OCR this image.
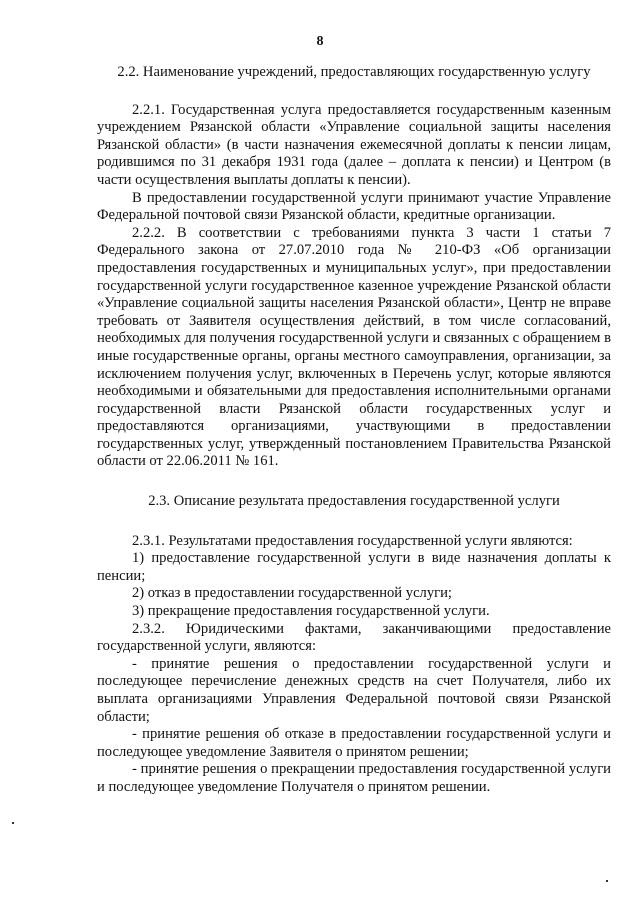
8
2.2. Наименование учреждений, предоставляющих государственную услугу

2.2.1. Государственная услуга предоставляется государственным казенным учреждением Рязанской области «Управление социальной защиты населения Рязанской области» (в части назначения ежемесячной доплаты к пенсии лицам, родившимся по 31 декабря 1931 года (далее – доплата к пенсии) и Центром (в части осуществления выплаты доплаты к пенсии).

В предоставлении государственной услуги принимают участие Управление Федеральной почтовой связи Рязанской области, кредитные организации.

2.2.2. В соответствии с требованиями пункта 3 части 1 статьи 7 Федерального закона от 27.07.2010 года № 210-ФЗ «Об организации предоставления государственных и муниципальных услуг», при предоставлении государственной услуги государственное казенное учреждение Рязанской области «Управление социальной защиты населения Рязанской области», Центр не вправе требовать от Заявителя осуществления действий, в том числе согласований, необходимых для получения государственной услуги и связанных с обращением в иные государственные органы, органы местного самоуправления, организации, за исключением получения услуг, включенных в Перечень услуг, которые являются необходимыми и обязательными для предоставления исполнительными органами государственной власти Рязанской области государственных услуг и предоставляются организациями, участвующими в предоставлении государственных услуг, утвержденный постановлением Правительства Рязанской области от 22.06.2011 № 161.

2.3. Описание результата предоставления государственной услуги

2.3.1. Результатами предоставления государственной услуги являются:

1) предоставление государственной услуги в виде назначения доплаты к пенсии;

2) отказ в предоставлении государственной услуги;

3) прекращение предоставления государственной услуги.

2.3.2. Юридическими фактами, заканчивающими предоставление государственной услуги, являются:

- принятие решения о предоставлении государственной услуги и последующее перечисление денежных средств на счет Получателя, либо их выплата организациями Управления Федеральной почтовой связи Рязанской области;

- принятие решения об отказе в предоставлении государственной услуги и последующее уведомление Заявителя о принятом решении;

- принятие решения о прекращении предоставления государственной услуги и последующее уведомление Получателя о принятом решении.
